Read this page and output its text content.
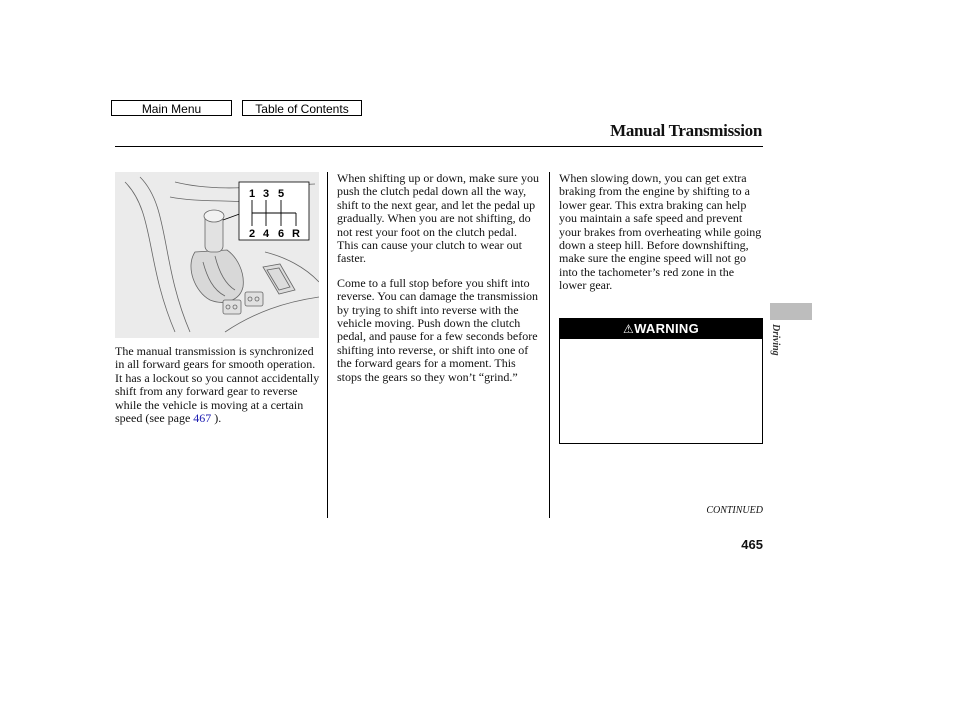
Main Menu	Table of Contents
Manual Transmission
1 3 5
2 4 6 R

The manual transmission is synchronized in all forward gears for smooth operation. It has a lockout so you cannot accidentally shift from any forward gear to reverse while the vehicle is moving at a certain speed (see page 467 ).

When shifting up or down, make sure you push the clutch pedal down all the way, shift to the next gear, and let the pedal up gradually. When you are not shifting, do not rest your foot on the clutch pedal. This can cause your clutch to wear out faster.

Come to a full stop before you shift into reverse. You can damage the transmission by trying to shift into reverse with the vehicle moving. Push down the clutch pedal, and pause for a few seconds before shifting into reverse, or shift into one of the forward gears for a moment. This stops the gears so they won’t “grind.”

When slowing down, you can get extra braking from the engine by shifting to a lower gear. This extra braking can help you maintain a safe speed and prevent your brakes from overheating while going down a steep hill. Before downshifting, make sure the engine speed will not go into the tachometer’s red zone in the lower gear.

⚠WARNING	Driving
CONTINUED
465
